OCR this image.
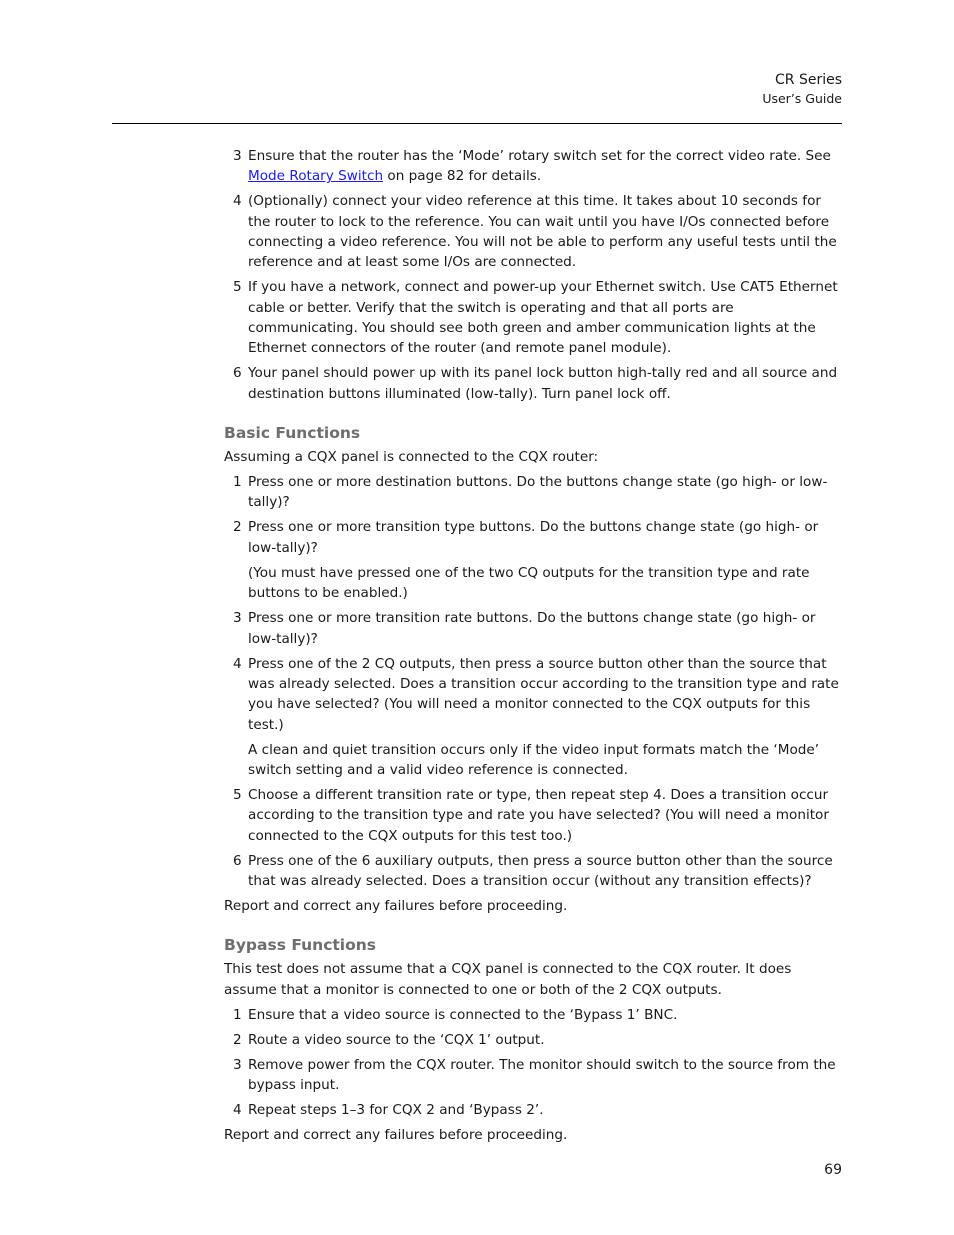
CR Series
User’s Guide
3 Ensure that the router has the ‘Mode’ rotary switch set for the correct video rate. See Mode Rotary Switch on page 82 for details.
4 (Optionally) connect your video reference at this time. It takes about 10 seconds for the router to lock to the reference. You can wait until you have I/Os connected before connecting a video reference. You will not be able to perform any useful tests until the reference and at least some I/Os are connected.
5 If you have a network, connect and power-up your Ethernet switch. Use CAT5 Ethernet cable or better. Verify that the switch is operating and that all ports are communicating. You should see both green and amber communication lights at the Ethernet connectors of the router (and remote panel module).
6 Your panel should power up with its panel lock button high-tally red and all source and destination buttons illuminated (low-tally). Turn panel lock off.
Basic Functions
Assuming a CQX panel is connected to the CQX router:
1 Press one or more destination buttons. Do the buttons change state (go high- or low-tally)?
2 Press one or more transition type buttons. Do the buttons change state (go high- or low-tally)?
(You must have pressed one of the two CQ outputs for the transition type and rate buttons to be enabled.)
3 Press one or more transition rate buttons. Do the buttons change state (go high- or low-tally)?
4 Press one of the 2 CQ outputs, then press a source button other than the source that was already selected. Does a transition occur according to the transition type and rate you have selected? (You will need a monitor connected to the CQX outputs for this test.)
A clean and quiet transition occurs only if the video input formats match the ‘Mode’ switch setting and a valid video reference is connected.
5 Choose a different transition rate or type, then repeat step 4. Does a transition occur according to the transition type and rate you have selected? (You will need a monitor connected to the CQX outputs for this test too.)
6 Press one of the 6 auxiliary outputs, then press a source button other than the source that was already selected. Does a transition occur (without any transition effects)?
Report and correct any failures before proceeding.
Bypass Functions
This test does not assume that a CQX panel is connected to the CQX router. It does assume that a monitor is connected to one or both of the 2 CQX outputs.
1 Ensure that a video source is connected to the ‘Bypass 1’ BNC.
2 Route a video source to the ‘CQX 1’ output.
3 Remove power from the CQX router. The monitor should switch to the source from the bypass input.
4 Repeat steps 1–3 for CQX 2 and ‘Bypass 2’.
Report and correct any failures before proceeding.
69
